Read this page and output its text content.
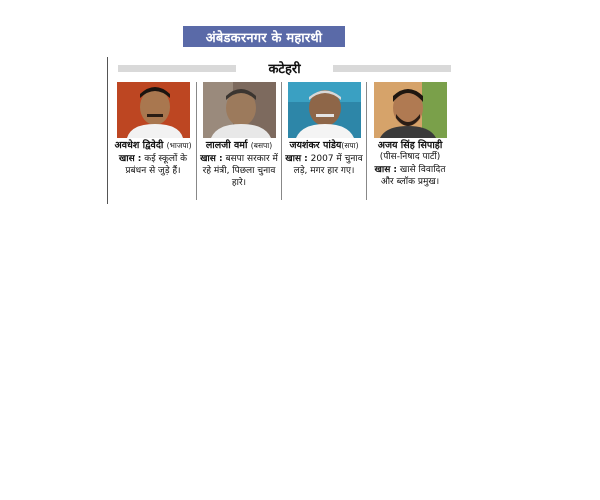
अंबेडकरनगर के महारथी
कटेहरी
अवधेश द्विवेदी (भाजपा)
खास : कई स्कूलों के प्रबंधन से जुड़े हैं।
लालजी वर्मा (बसपा)
खास : बसपा सरकार में रहे मंत्री, पिछला चुनाव हारे।
जयशंकर पांडेय(सपा)
खास : 2007 में चुनाव लड़े, मगर हार गए।
अजय सिंह सिपाही
(पीस-निषाद पार्टी)
खास : खासे विवादित और ब्लॉक प्रमुख।
